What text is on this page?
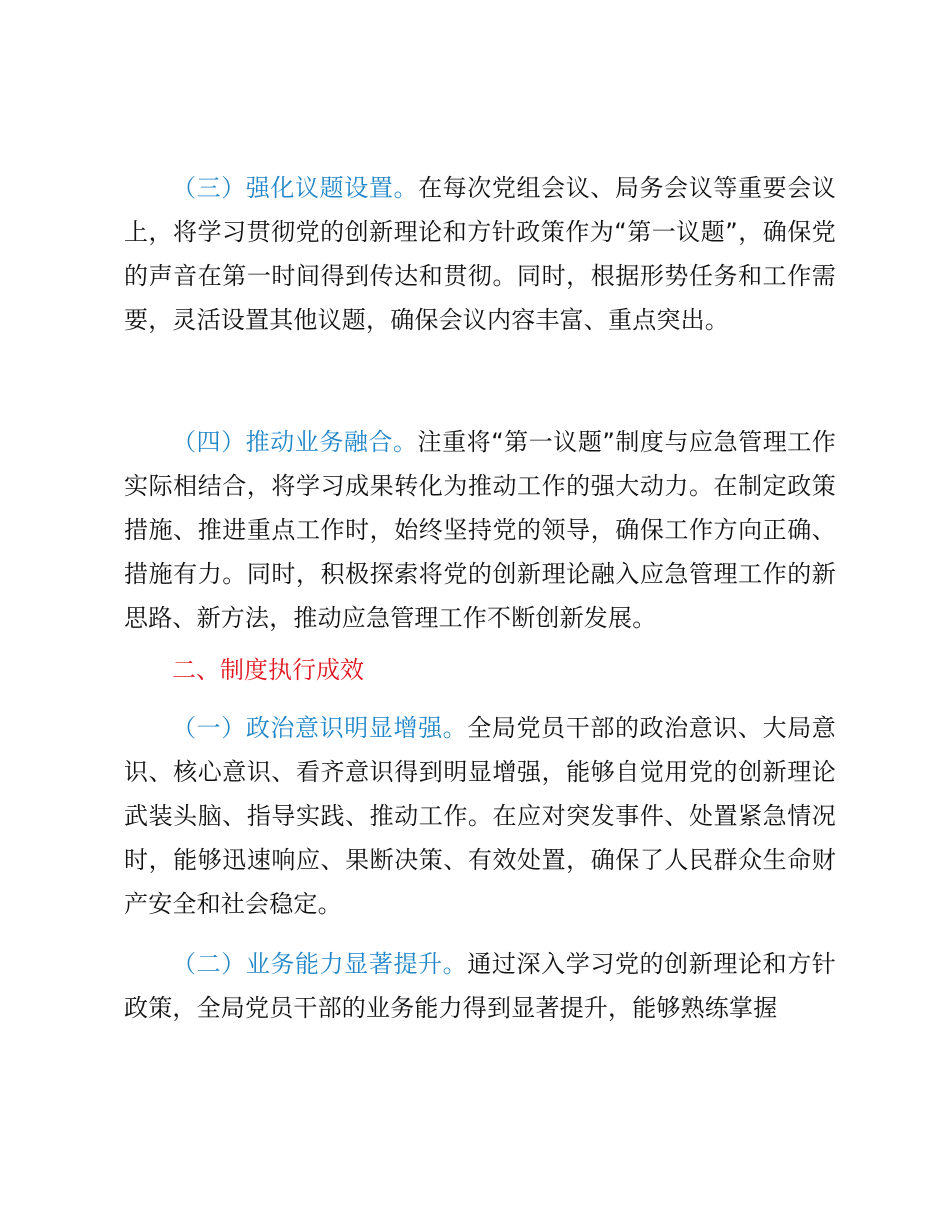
（三）强化议题设置。在每次党组会议、局务会议等重要会议上，将学习贯彻党的创新理论和方针政策作为“第一议题”，确保党的声音在第一时间得到传达和贯彻。同时，根据形势任务和工作需要，灵活设置其他议题，确保会议内容丰富、重点突出。

（四）推动业务融合。注重将“第一议题”制度与应急管理工作实际相结合，将学习成果转化为推动工作的强大动力。在制定政策措施、推进重点工作时，始终坚持党的领导，确保工作方向正确、措施有力。同时，积极探索将党的创新理论融入应急管理工作的新思路、新方法，推动应急管理工作不断创新发展。

二、制度执行成效

（一）政治意识明显增强。全局党员干部的政治意识、大局意识、核心意识、看齐意识得到明显增强，能够自觉用党的创新理论武装头脑、指导实践、推动工作。在应对突发事件、处置紧急情况时，能够迅速响应、果断决策、有效处置，确保了人民群众生命财产安全和社会稳定。

（二）业务能力显著提升。通过深入学习党的创新理论和方针政策，全局党员干部的业务能力得到显著提升，能够熟练掌握
